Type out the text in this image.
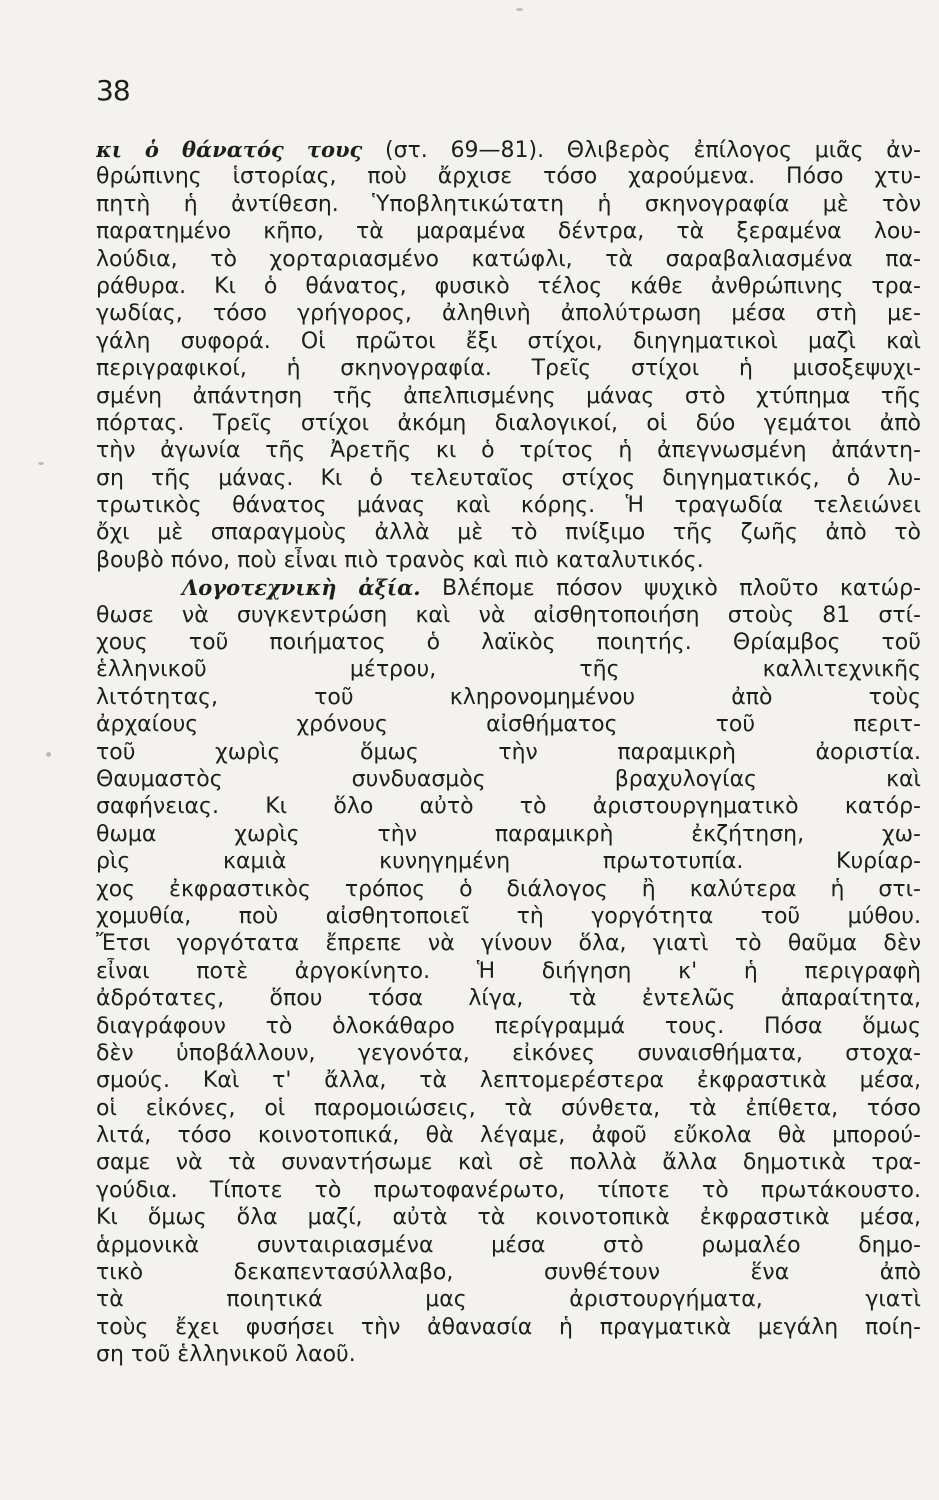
38
κι ὁ θάνατός τους (στ. 69—81). Θλιβερὸς ἐπίλογος μιᾶς ἀν-
θρώπινης ἱστορίας, ποὺ ἄρχισε τόσο χαρούμενα. Πόσο χτυ-
πητὴ ἡ ἀντίθεση. Ὑποβλητικώτατη ἡ σκηνογραφία μὲ τὸν
παρατημένο κῆπο, τὰ μαραμένα δέντρα, τὰ ξεραμένα λου-
λούδια, τὸ χορταριασμένο κατώφλι, τὰ σαραβαλιασμένα πα-
ράθυρα. Κι ὁ θάνατος, φυσικὸ τέλος κάθε ἀνθρώπινης τρα-
γωδίας, τόσο γρήγορος, ἀληθινὴ ἀπολύτρωση μέσα στὴ με-
γάλη συφορά. Οἱ πρῶτοι ἔξι στίχοι, διηγηματικοὶ μαζὶ καὶ
περιγραφικοί, ἡ σκηνογραφία. Τρεῖς στίχοι ἡ μισοξεψυχι-
σμένη ἀπάντηση τῆς ἀπελπισμένης μάνας στὸ χτύπημα τῆς
πόρτας. Τρεῖς στίχοι ἀκόμη διαλογικοί, οἱ δύο γεμάτοι ἀπὸ
τὴν ἀγωνία τῆς Ἀρετῆς κι ὁ τρίτος ἡ ἀπεγνωσμένη ἀπάντη-
ση τῆς μάνας. Κι ὁ τελευταῖος στίχος διηγηματικός, ὁ λυ-
τρωτικὸς θάνατος μάνας καὶ κόρης. Ἡ τραγωδία τελειώνει
ὄχι μὲ σπαραγμοὺς ἀλλὰ μὲ τὸ πνίξιμο τῆς ζωῆς ἀπὸ τὸ
βουβὸ πόνο, ποὺ εἶναι πιὸ τρανὸς καὶ πιὸ καταλυτικός.
Λογοτεχνικὴ ἀξία. Βλέπομε πόσον ψυχικὸ πλοῦτο κατώρ-
θωσε νὰ συγκεντρώση καὶ νὰ αἰσθητοποιήση στοὺς 81 στί-
χους τοῦ ποιήματος ὁ λαϊκὸς ποιητής. Θρίαμβος τοῦ
ἑλληνικοῦ μέτρου, τῆς καλλιτεχνικῆς
λιτότητας, τοῦ κληρονομημένου ἀπὸ τοὺς
ἀρχαίους χρόνους αἰσθήματος τοῦ περιτ-
τοῦ χωρὶς ὅμως τὴν παραμικρὴ ἀοριστία.
Θαυμαστὸς συνδυασμὸς βραχυλογίας καὶ
σαφήνειας. Κι ὅλο αὐτὸ τὸ ἀριστουργηματικὸ κατόρ-
θωμα χωρὶς τὴν παραμικρὴ ἐκζήτηση, χω-
ρὶς καμιὰ κυνηγημένη πρωτοτυπία. Κυρίαρ-
χος ἐκφραστικὸς τρόπος ὁ διάλογος ἢ καλύτερα ἡ στι-
χομυθία, ποὺ αἰσθητοποιεῖ τὴ γοργότητα τοῦ μύθου.
Ἔτσι γοργότατα ἔπρεπε νὰ γίνουν ὅλα, γιατὶ τὸ θαῦμα δὲν
εἶναι ποτὲ ἀργοκίνητο. Ἡ διήγηση κ' ἡ περιγραφὴ
ἀδρότατες, ὅπου τόσα λίγα, τὰ ἐντελῶς ἀπαραίτητα,
διαγράφουν τὸ ὁλοκάθαρο περίγραμμά τους. Πόσα ὅμως
δὲν ὑποβάλλουν, γεγονότα, εἰκόνες συναισθήματα, στοχα-
σμούς. Καὶ τ' ἄλλα, τὰ λεπτομερέστερα ἐκφραστικὰ μέσα,
οἱ εἰκόνες, οἱ παρομοιώσεις, τὰ σύνθετα, τὰ ἐπίθετα, τόσο
λιτά, τόσο κοινοτοπικά, θὰ λέγαμε, ἀφοῦ εὔκολα θὰ μπορού-
σαμε νὰ τὰ συναντήσωμε καὶ σὲ πολλὰ ἄλλα δημοτικὰ τρα-
γούδια. Τίποτε τὸ πρωτοφανέρωτο, τίποτε τὸ πρωτάκουστο.
Κι ὅμως ὅλα μαζί, αὐτὰ τὰ κοινοτοπικὰ ἐκφραστικὰ μέσα,
ἁρμονικὰ συνταιριασμένα μέσα στὸ ρωμαλέο δημο-
τικὸ δεκαπεντασύλλαβο, συνθέτουν ἕνα ἀπὸ
τὰ ποιητικά μας ἀριστουργήματα, γιατὶ
τοὺς ἔχει φυσήσει τὴν ἀθανασία ἡ πραγματικὰ μεγάλη ποίη-
ση τοῦ ἑλληνικοῦ λαοῦ.
